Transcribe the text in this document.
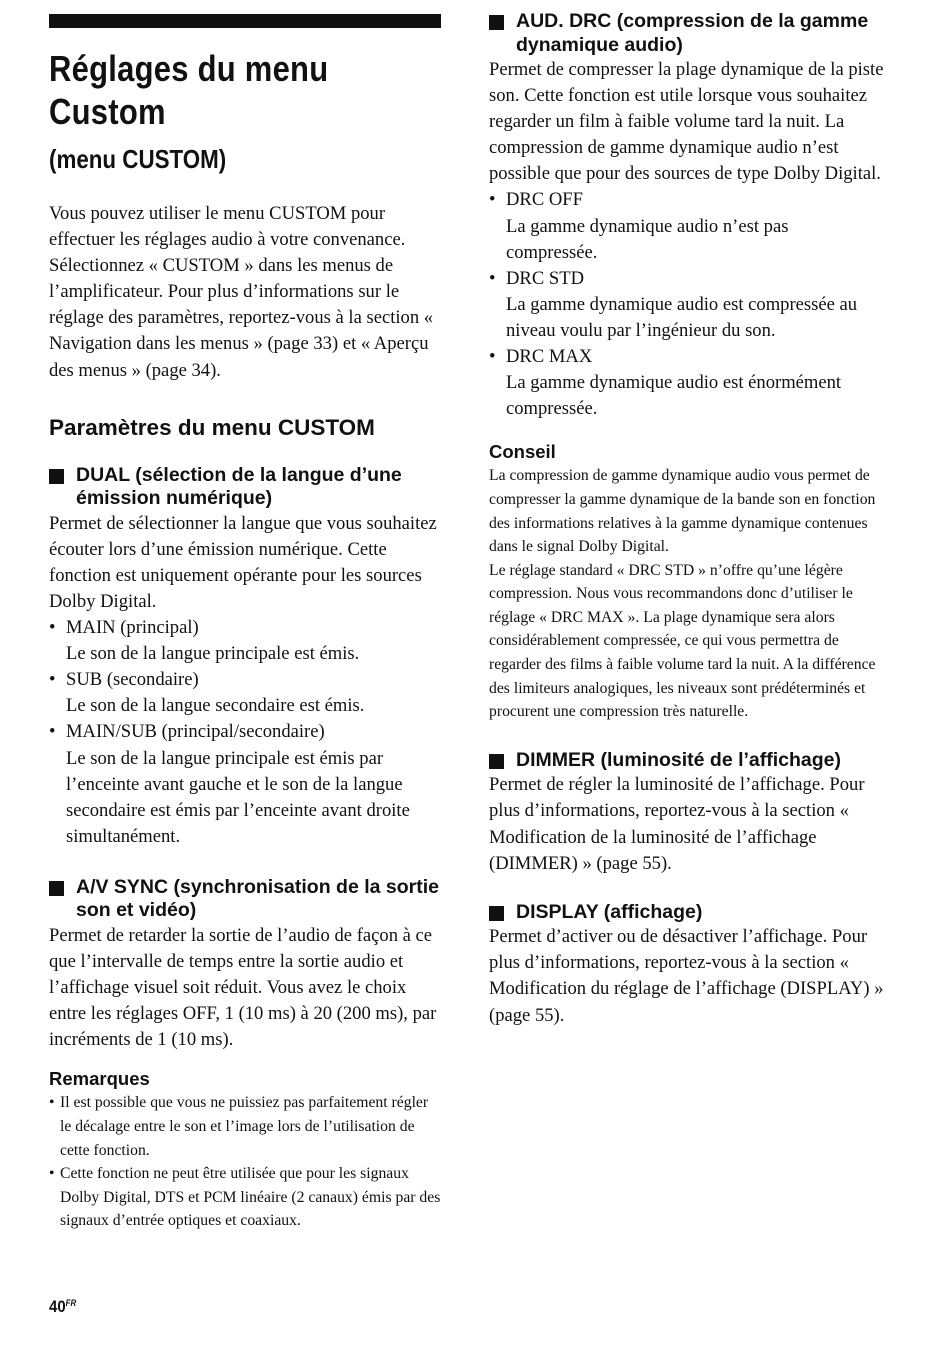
Réglages du menu Custom
(menu CUSTOM)

Vous pouvez utiliser le menu CUSTOM pour effectuer les réglages audio à votre convenance.

Sélectionnez « CUSTOM » dans les menus de l’amplificateur. Pour plus d’informations sur le réglage des paramètres, reportez-vous à la section « Navigation dans les menus » (page 33) et « Aperçu des menus » (page 34).

Paramètres du menu CUSTOM
DUAL (sélection de la langue d’une émission numérique)

Permet de sélectionner la langue que vous souhaitez écouter lors d’une émission numérique. Cette fonction est uniquement opérante pour les sources Dolby Digital.

• MAIN (principal)
Le son de la langue principale est émis.
• SUB (secondaire)
Le son de la langue secondaire est émis.
• MAIN/SUB (principal/secondaire)
Le son de la langue principale est émis par l’enceinte avant gauche et le son de la langue secondaire est émis par l’enceinte avant droite simultanément.
A/V SYNC (synchronisation de la sortie son et vidéo)

Permet de retarder la sortie de l’audio de façon à ce que l’intervalle de temps entre la sortie audio et l’affichage visuel soit réduit. Vous avez le choix entre les réglages OFF, 1 (10 ms) à 20 (200 ms), par incréments de 1 (10 ms).

Remarques
• Il est possible que vous ne puissiez pas parfaitement régler le décalage entre le son et l’image lors de l’utilisation de cette fonction.
• Cette fonction ne peut être utilisée que pour les signaux Dolby Digital, DTS et PCM linéaire (2 canaux) émis par des signaux d’entrée optiques et coaxiaux.
AUD. DRC (compression de la gamme dynamique audio)

Permet de compresser la plage dynamique de la piste son. Cette fonction est utile lorsque vous souhaitez regarder un film à faible volume tard la nuit. La compression de gamme dynamique audio n’est possible que pour des sources de type Dolby Digital.

• DRC OFF
La gamme dynamique audio n’est pas compressée.
• DRC STD
La gamme dynamique audio est compressée au niveau voulu par l’ingénieur du son.
• DRC MAX
La gamme dynamique audio est énormément compressée.
Conseil

La compression de gamme dynamique audio vous permet de compresser la gamme dynamique de la bande son en fonction des informations relatives à la gamme dynamique contenues dans le signal Dolby Digital.

Le réglage standard « DRC STD » n’offre qu’une légère compression. Nous vous recommandons donc d’utiliser le réglage « DRC MAX ». La plage dynamique sera alors considérablement compressée, ce qui vous permettra de regarder des films à faible volume tard la nuit. A la différence des limiteurs analogiques, les niveaux sont prédéterminés et procurent une compression très naturelle.

DIMMER (luminosité de l’affichage)

Permet de régler la luminosité de l’affichage. Pour plus d’informations, reportez-vous à la section « Modification de la luminosité de l’affichage (DIMMER) » (page 55).

DISPLAY (affichage)

Permet d’activer ou de désactiver l’affichage. Pour plus d’informations, reportez-vous à la section « Modification du réglage de l’affichage (DISPLAY) » (page 55).

$40^{FR}$
